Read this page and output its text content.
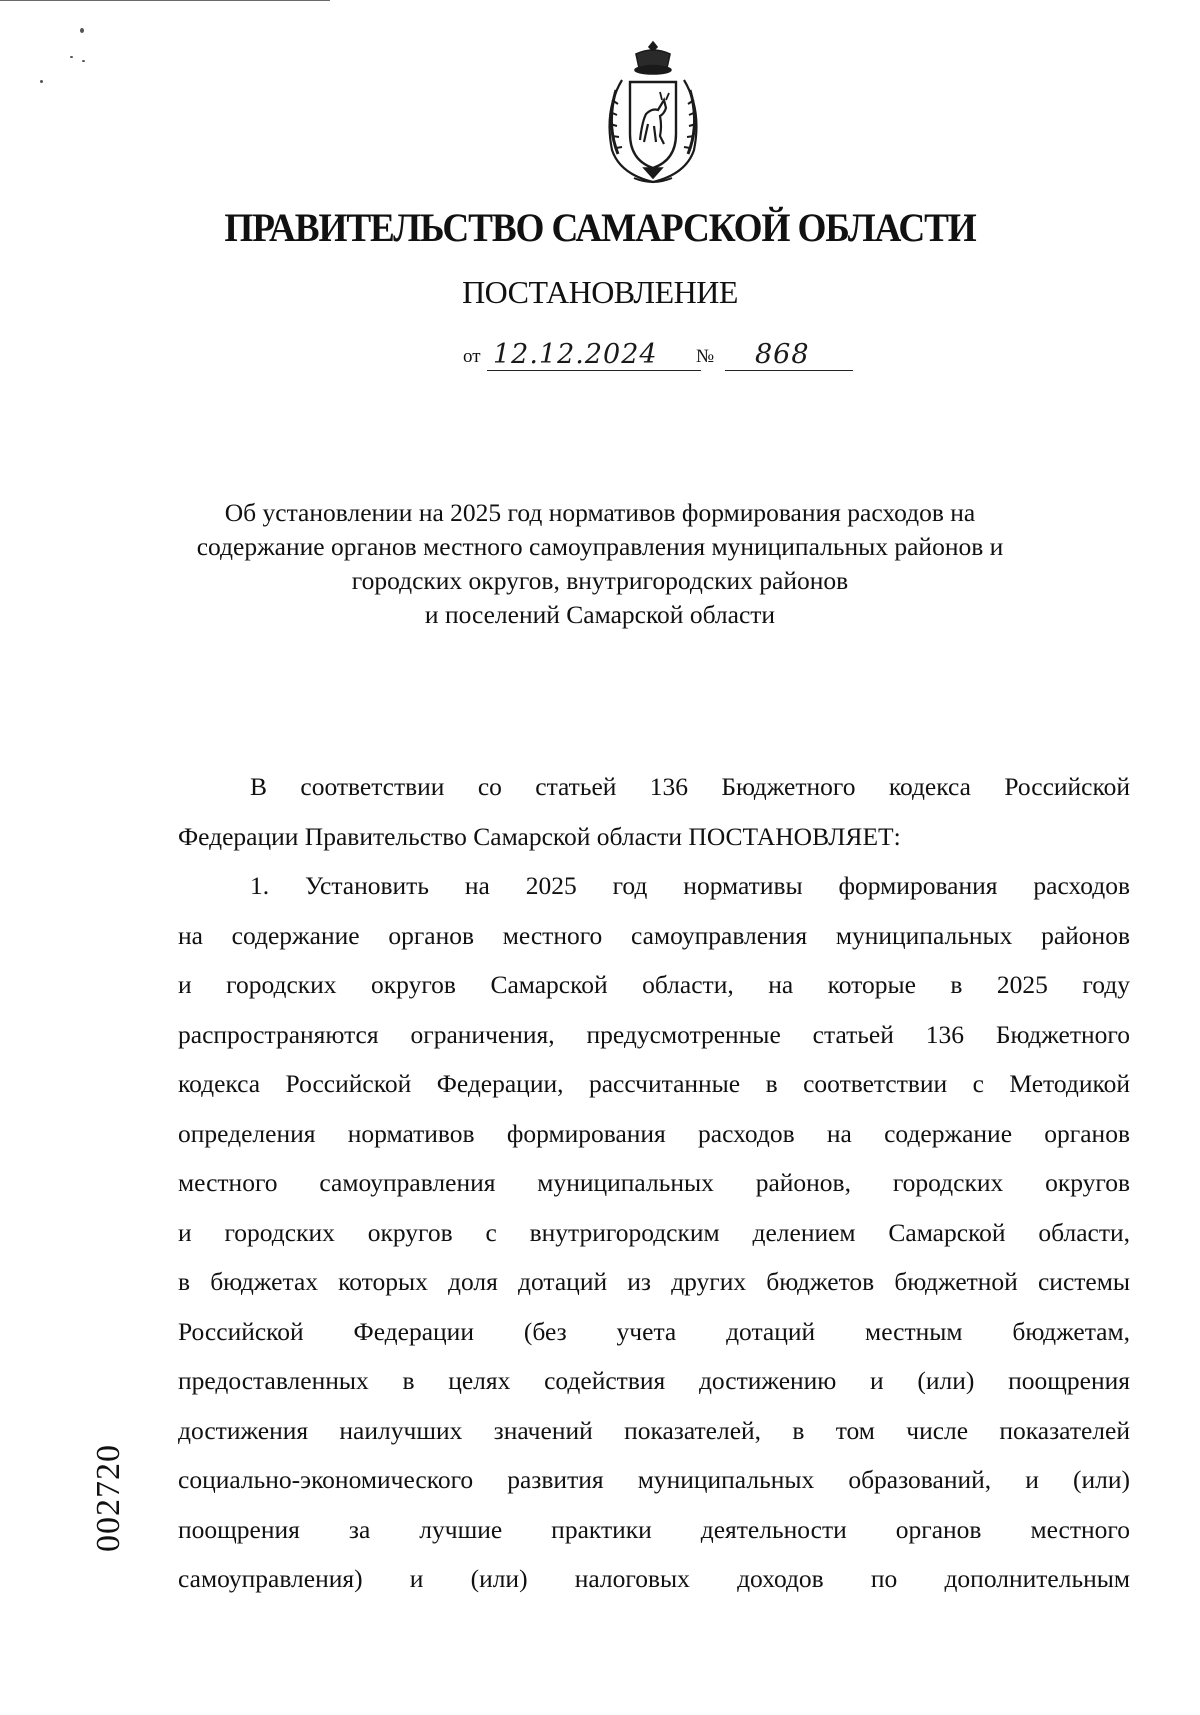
ПРАВИТЕЛЬСТВО САМАРСКОЙ ОБЛАСТИ
ПОСТАНОВЛЕНИЕ
от 12.12.2024 № 868
Об установлении на 2025 год нормативов формирования расходов на
содержание органов местного самоуправления муниципальных районов и
городских округов, внутригородских районов
и поселений Самарской области
В соответствии со статьей 136 Бюджетного кодекса Российской
Федерации Правительство Самарской области ПОСТАНОВЛЯЕТ:
1. Установить на 2025 год нормативы формирования расходов
на содержание органов местного самоуправления муниципальных районов
и городских округов Самарской области, на которые в 2025 году
распространяются ограничения, предусмотренные статьей 136 Бюджетного
кодекса Российской Федерации, рассчитанные в соответствии с Методикой
определения нормативов формирования расходов на содержание органов
местного самоуправления муниципальных районов, городских округов
и городских округов с внутригородским делением Самарской области,
в бюджетах которых доля дотаций из других бюджетов бюджетной системы
Российской Федерации (без учета дотаций местным бюджетам,
предоставленных в целях содействия достижению и (или) поощрения
достижения наилучших значений показателей, в том числе показателей
социально-экономического развития муниципальных образований, и (или)
поощрения за лучшие практики деятельности органов местного
самоуправления) и (или) налоговых доходов по дополнительным
002720
